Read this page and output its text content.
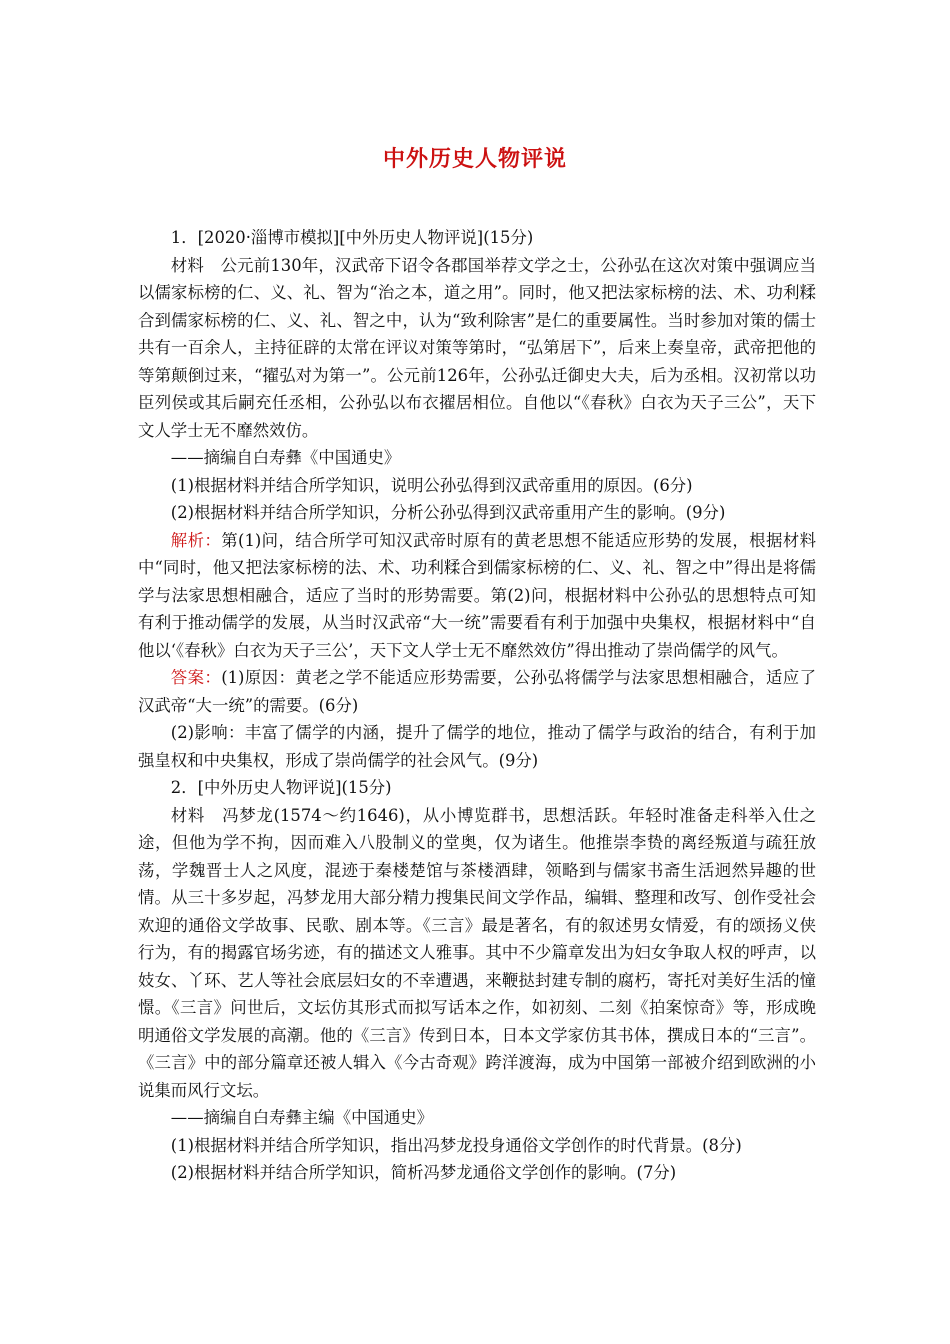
中外历史人物评说

1．[2020·淄博市模拟][中外历史人物评说](15分)

材料　公元前130年，汉武帝下诏令各郡国举荐文学之士，公孙弘在这次对策中强调应当以儒家标榜的仁、义、礼、智为“治之本，道之用”。同时，他又把法家标榜的法、术、功利糅合到儒家标榜的仁、义、礼、智之中，认为“致利除害”是仁的重要属性。当时参加对策的儒士共有一百余人，主持征辟的太常在评议对策等第时，“弘第居下”，后来上奏皇帝，武帝把他的等第颠倒过来，“擢弘对为第一”。公元前126年，公孙弘迁御史大夫，后为丞相。汉初常以功臣列侯或其后嗣充任丞相，公孙弘以布衣擢居相位。自他以“《春秋》白衣为天子三公”，天下文人学士无不靡然效仿。

——摘编自白寿彝《中国通史》

(1)根据材料并结合所学知识，说明公孙弘得到汉武帝重用的原因。(6分)

(2)根据材料并结合所学知识，分析公孙弘得到汉武帝重用产生的影响。(9分)

解析：第(1)问，结合所学可知汉武帝时原有的黄老思想不能适应形势的发展，根据材料中“同时，他又把法家标榜的法、术、功利糅合到儒家标榜的仁、义、礼、智之中”得出是将儒学与法家思想相融合，适应了当时的形势需要。第(2)问，根据材料中公孙弘的思想特点可知有利于推动儒学的发展，从当时汉武帝“大一统”需要看有利于加强中央集权，根据材料中“自他以‘《春秋》白衣为天子三公’，天下文人学士无不靡然效仿”得出推动了崇尚儒学的风气。

答案：(1)原因：黄老之学不能适应形势需要，公孙弘将儒学与法家思想相融合，适应了汉武帝“大一统”的需要。(6分)

(2)影响：丰富了儒学的内涵，提升了儒学的地位，推动了儒学与政治的结合，有利于加强皇权和中央集权，形成了崇尚儒学的社会风气。(9分)

2．[中外历史人物评说](15分)

材料　冯梦龙(1574～约1646)，从小博览群书，思想活跃。年轻时准备走科举入仕之途，但他为学不拘，因而难入八股制义的堂奥，仅为诸生。他推崇李贽的离经叛道与疏狂放荡，学魏晋士人之风度，混迹于秦楼楚馆与茶楼酒肆，领略到与儒家书斋生活迥然异趣的世情。从三十多岁起，冯梦龙用大部分精力搜集民间文学作品，编辑、整理和改写、创作受社会欢迎的通俗文学故事、民歌、剧本等。《三言》最是著名，有的叙述男女情爱，有的颂扬义侠行为，有的揭露官场劣迹，有的描述文人雅事。其中不少篇章发出为妇女争取人权的呼声，以妓女、丫环、艺人等社会底层妇女的不幸遭遇，来鞭挞封建专制的腐朽，寄托对美好生活的憧憬。《三言》问世后，文坛仿其形式而拟写话本之作，如初刻、二刻《拍案惊奇》等，形成晚明通俗文学发展的高潮。他的《三言》传到日本，日本文学家仿其书体，撰成日本的“三言”。《三言》中的部分篇章还被人辑入《今古奇观》跨洋渡海，成为中国第一部被介绍到欧洲的小说集而风行文坛。

——摘编自白寿彝主编《中国通史》

(1)根据材料并结合所学知识，指出冯梦龙投身通俗文学创作的时代背景。(8分)

(2)根据材料并结合所学知识，简析冯梦龙通俗文学创作的影响。(7分)
